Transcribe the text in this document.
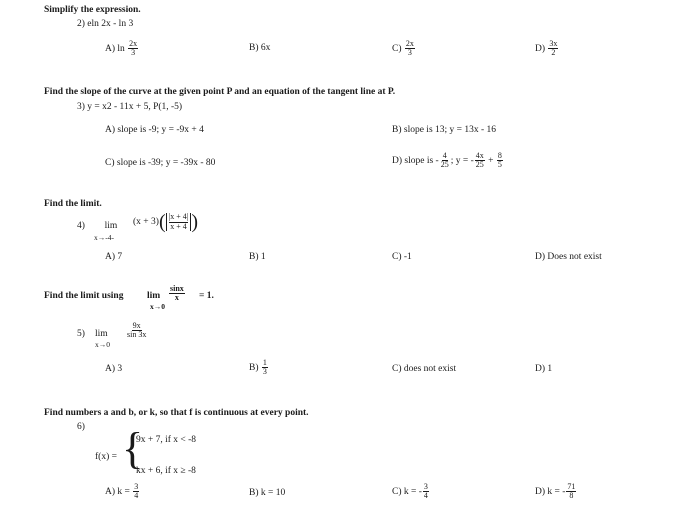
Simplify the expression.
2) eln 2x - ln 3
A) $\ln \frac{2x}{3}$	B) 6x	$C) \frac{2x}{3}$	$D) \frac{3x}{2}$
Find the slope of the curve at the given point P and an equation of the tangent line at P.
3) y = x2 - 11x + 5, P(1, -5)
A) slope is -9; y = -9x + 4	B) slope is 13; y = 13x - 16
C) slope is -39; y = -39x - 80	D) slope is - $\frac{4}{25}$ ; y = - $\frac{4x}{25} + \frac{8}{5}$
Find the limit.
4)	lim
x→-4-
$(x + 3)( \frac{|x + 4|}{x + 4}$ )
A) 7	B) 1	C) -1	D) Does not exist
Find the limit using lim
x→0
$\frac{\sin x}{x} = 1$.
5) lim
x→0
$\frac{9x}{\sin 3x}$
A) 3	$B) \frac{1}{3}$	C) does not exist	D) 1
Find numbers a and b, or k, so that f is continuous at every point.
6)
f(x) = {
9x + 7, if x < -8
kx + 6, if x ≥ -8
A) $k = \frac{3}{4}$	B) k = 10	C) k = - $\frac{3}{4}$	D) k = - $\frac{71}{8}$
